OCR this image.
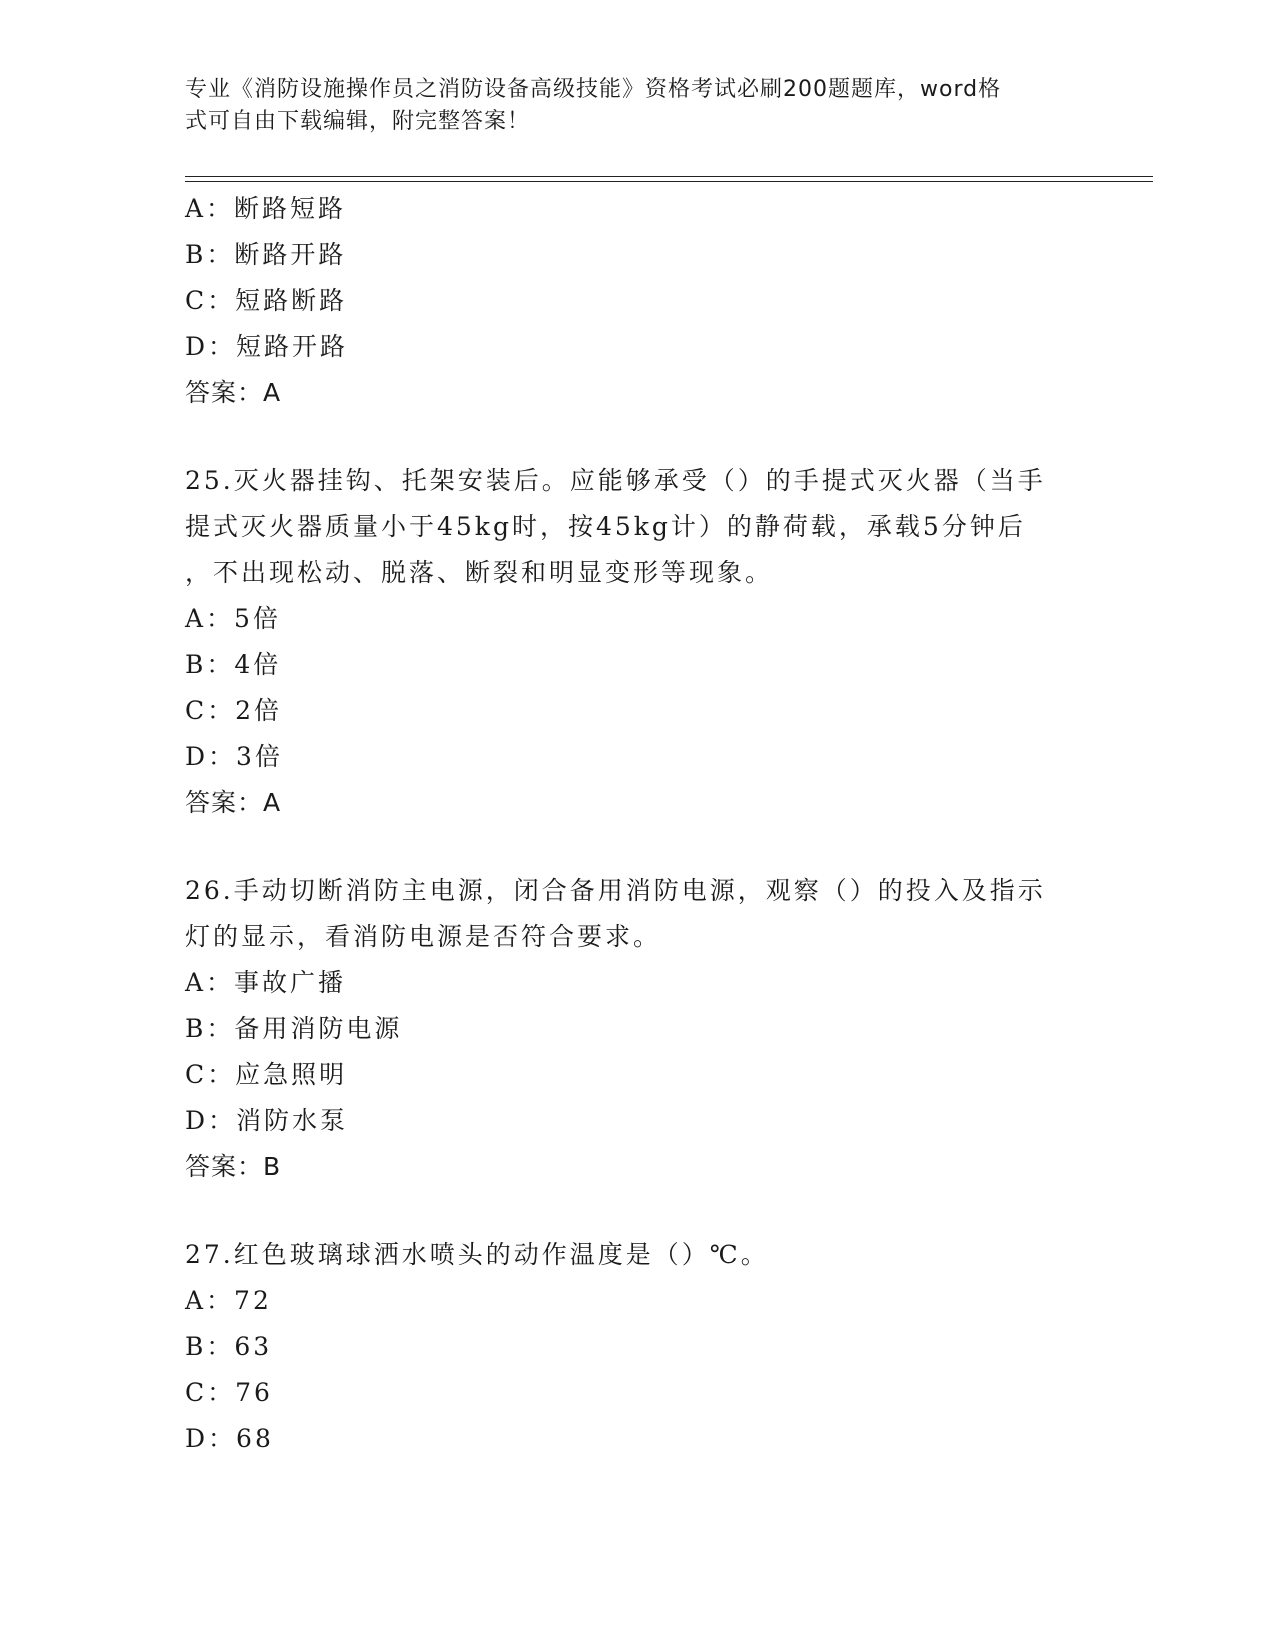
专业《消防设施操作员之消防设备高级技能》资格考试必刷200题题库，word格
式可自由下载编辑，附完整答案！
A：断路短路
B：断路开路
C：短路断路
D：短路开路
答案：A
25.灭火器挂钩、托架安装后。应能够承受（）的手提式灭火器（当手
提式灭火器质量小于45kg时，按45kg计）的静荷载，承载5分钟后
，不出现松动、脱落、断裂和明显变形等现象。
A：5倍
B：4倍
C：2倍
D：3倍
答案：A
26.手动切断消防主电源，闭合备用消防电源，观察（）的投入及指示
灯的显示，看消防电源是否符合要求。
A：事故广播
B：备用消防电源
C：应急照明
D：消防水泵
答案：B
27.红色玻璃球洒水喷头的动作温度是（）℃。
A：72
B：63
C：76
D：68
